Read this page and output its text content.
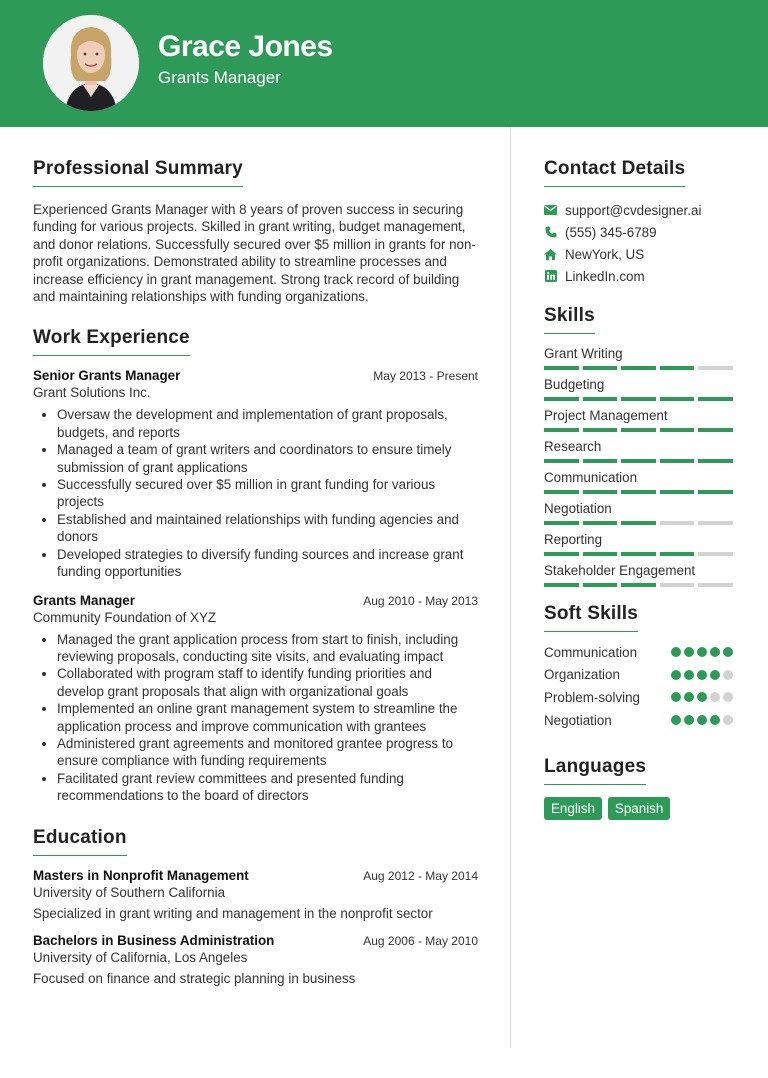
Grace Jones
Grants Manager
Professional Summary
Experienced Grants Manager with 8 years of proven success in securing funding for various projects. Skilled in grant writing, budget management, and donor relations. Successfully secured over $5 million in grants for non-profit organizations. Demonstrated ability to streamline processes and increase efficiency in grant management. Strong track record of building and maintaining relationships with funding organizations.
Work Experience
Senior Grants Manager	May 2013 - Present
Grant Solutions Inc.
• Oversaw the development and implementation of grant proposals, budgets, and reports
• Managed a team of grant writers and coordinators to ensure timely submission of grant applications
• Successfully secured over $5 million in grant funding for various projects
• Established and maintained relationships with funding agencies and donors
• Developed strategies to diversify funding sources and increase grant funding opportunities
Grants Manager	Aug 2010 - May 2013
Community Foundation of XYZ
• Managed the grant application process from start to finish, including reviewing proposals, conducting site visits, and evaluating impact
• Collaborated with program staff to identify funding priorities and develop grant proposals that align with organizational goals
• Implemented an online grant management system to streamline the application process and improve communication with grantees
• Administered grant agreements and monitored grantee progress to ensure compliance with funding requirements
• Facilitated grant review committees and presented funding recommendations to the board of directors
Education
Masters in Nonprofit Management	Aug 2012 - May 2014
University of Southern California
Specialized in grant writing and management in the nonprofit sector
Bachelors in Business Administration	Aug 2006 - May 2010
University of California, Los Angeles
Focused on finance and strategic planning in business
Contact Details
support@cvdesigner.ai
(555) 345-6789
NewYork, US
LinkedIn.com
Skills
Grant Writing
Budgeting
Project Management
Research
Communication
Negotiation
Reporting
Stakeholder Engagement
Soft Skills
Communication
Organization
Problem-solving
Negotiation
Languages
English	Spanish
